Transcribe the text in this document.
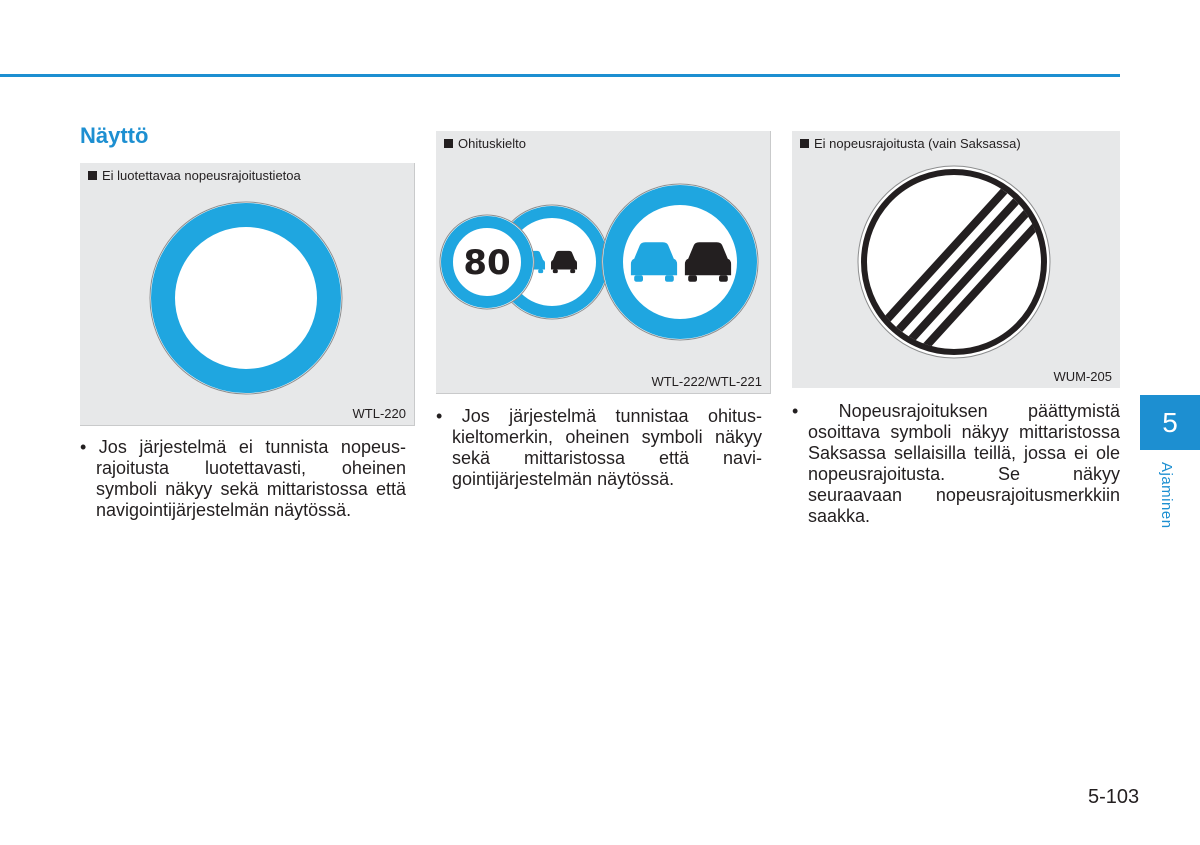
Näyttö
Ei luotettavaa nopeusrajoitustietoa
WTL-220
Ohituskielto
80
WTL-222/WTL-221
Ei nopeusrajoitusta (vain Saksassa)
WUM-205

• Jos järjestelmä ei tunnista nopeusrajoitusta luotettavasti, oheinen symboli näkyy sekä mittaristossa että navigointijärjestelmän näytössä.

• Jos järjestelmä tunnistaa ohituskieltomerkin, oheinen symboli näkyy sekä mittaristossa että navigointijärjestelmän näytössä.

• Nopeusrajoituksen päättymistä osoittava symboli näkyy mittaristossa Saksassa sellaisilla teillä, jossa ei ole nopeusrajoitusta. Se näkyy seuraavaan nopeusrajoitusmerkkiin saakka.

5
Ajaminen
5-103
